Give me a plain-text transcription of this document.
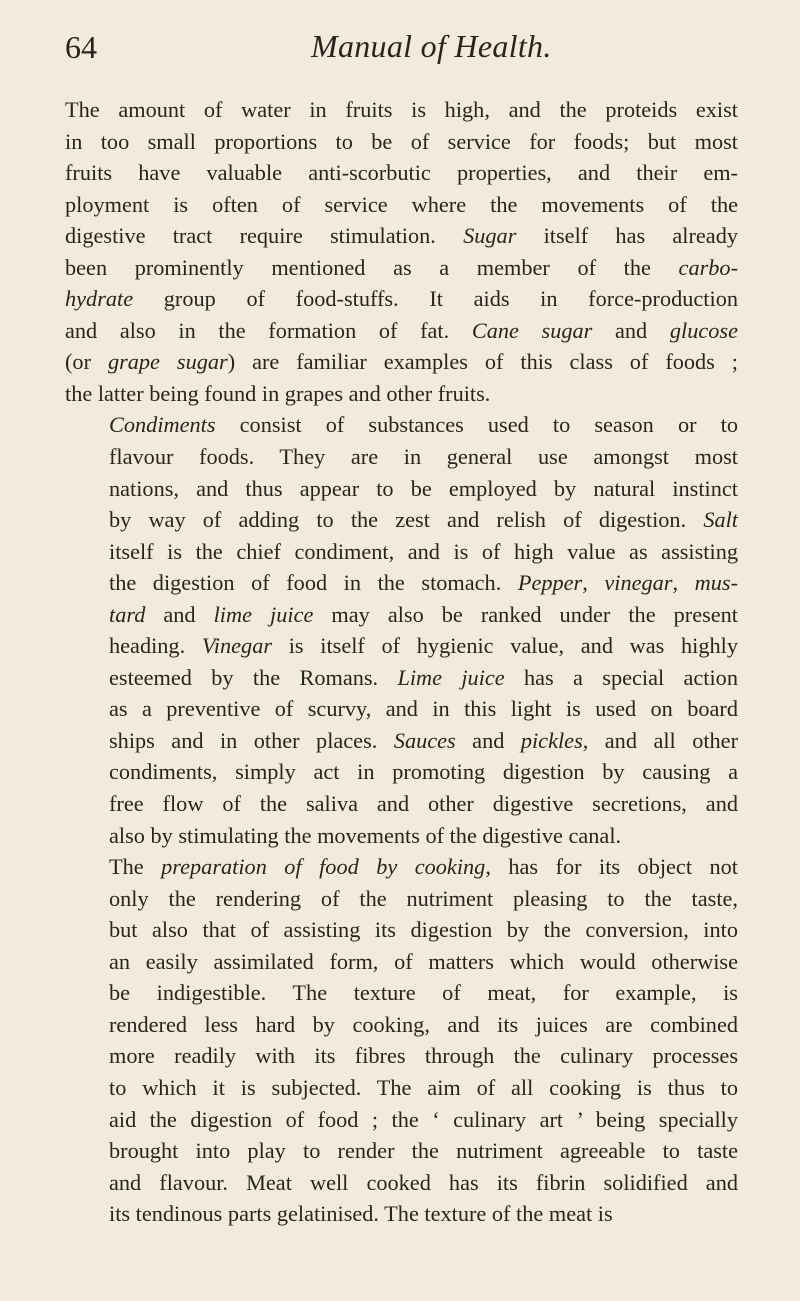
64	Manual of Health.

The amount of water in fruits is high, and the proteids exist
in too small proportions to be of service for foods; but most
fruits have valuable anti-scorbutic properties, and their em-
ployment is often of service where the movements of the
digestive tract require stimulation. Sugar itself has already
been prominently mentioned as a member of the carbo-
hydrate group of food-stuffs. It aids in force-production
and also in the formation of fat. Cane sugar and glucose
(or grape sugar) are familiar examples of this class of foods ;
the latter being found in grapes and other fruits.

Condiments consist of substances used to season or to
flavour foods. They are in general use amongst most
nations, and thus appear to be employed by natural instinct
by way of adding to the zest and relish of digestion. Salt
itself is the chief condiment, and is of high value as assisting
the digestion of food in the stomach. Pepper, vinegar, mus-
tard and lime juice may also be ranked under the present
heading. Vinegar is itself of hygienic value, and was highly
esteemed by the Romans. Lime juice has a special action
as a preventive of scurvy, and in this light is used on board
ships and in other places. Sauces and pickles, and all other
condiments, simply act in promoting digestion by causing a
free flow of the saliva and other digestive secretions, and
also by stimulating the movements of the digestive canal.

The preparation of food by cooking, has for its object not
only the rendering of the nutriment pleasing to the taste,
but also that of assisting its digestion by the conversion, into
an easily assimilated form, of matters which would otherwise
be indigestible. The texture of meat, for example, is
rendered less hard by cooking, and its juices are combined
more readily with its fibres through the culinary processes
to which it is subjected. The aim of all cooking is thus to
aid the digestion of food ; the ‘ culinary art ’ being specially
brought into play to render the nutriment agreeable to taste
and flavour. Meat well cooked has its fibrin solidified and
its tendinous parts gelatinised. The texture of the meat is
